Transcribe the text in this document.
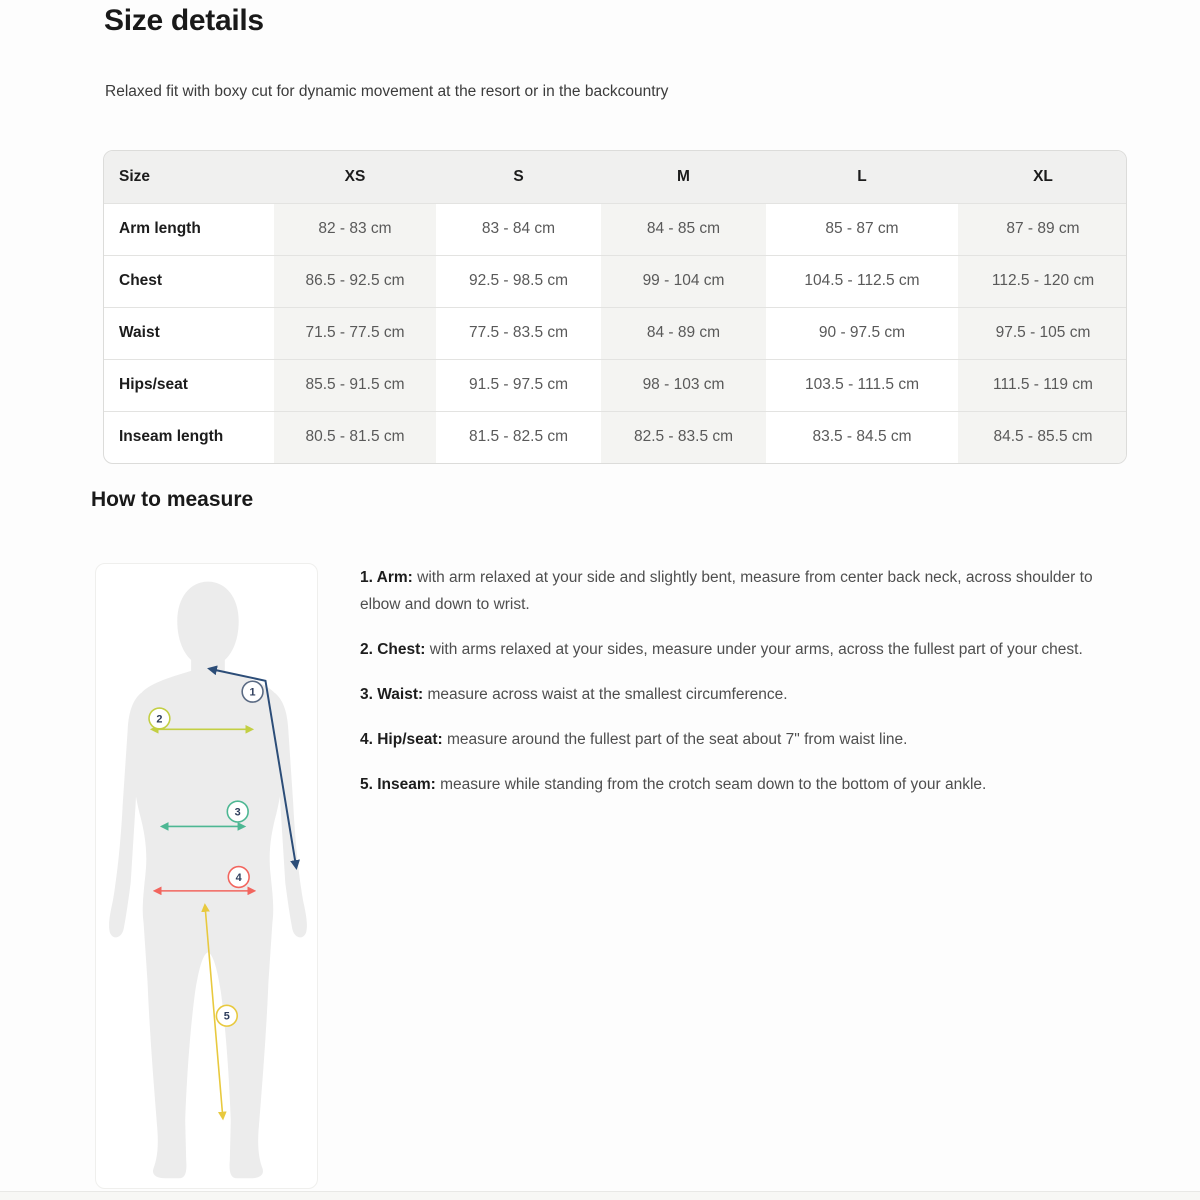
Size details

Relaxed fit with boxy cut for dynamic movement at the resort or in the backcountry

Size	XS	S	M	L	XL
Arm length	82 - 83 cm	83 - 84 cm	84 - 85 cm	85 - 87 cm	87 - 89 cm
Chest	86.5 - 92.5 cm	92.5 - 98.5 cm	99 - 104 cm	104.5 - 112.5 cm	112.5 - 120 cm
Waist	71.5 - 77.5 cm	77.5 - 83.5 cm	84 - 89 cm	90 - 97.5 cm	97.5 - 105 cm
Hips/seat	85.5 - 91.5 cm	91.5 - 97.5 cm	98 - 103 cm	103.5 - 111.5 cm	111.5 - 119 cm
Inseam length	80.5 - 81.5 cm	81.5 - 82.5 cm	82.5 - 83.5 cm	83.5 - 84.5 cm	84.5 - 85.5 cm
How to measure
1
2
3
4
5

1. Arm: with arm relaxed at your side and slightly bent, measure from center back neck, across shoulder to elbow and down to wrist.

2. Chest: with arms relaxed at your sides, measure under your arms, across the fullest part of your chest.

3. Waist: measure across waist at the smallest circumference.

4. Hip/seat: measure around the fullest part of the seat about 7" from waist line.

5. Inseam: measure while standing from the crotch seam down to the bottom of your ankle.
